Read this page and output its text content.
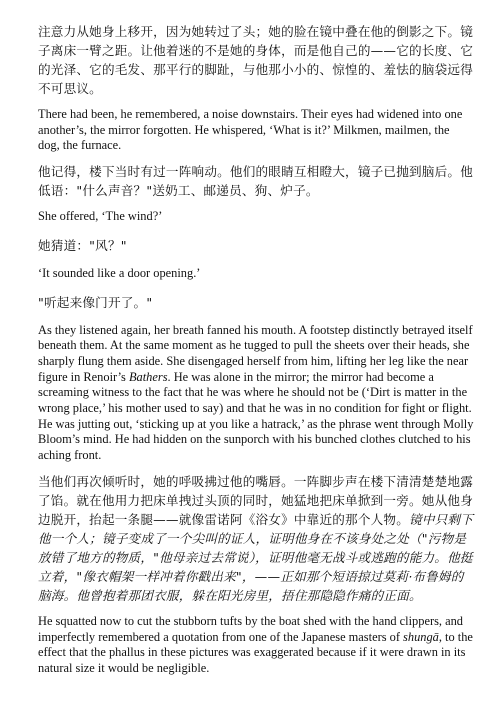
注意力从她身上移开，因为她转过了头；她的脸在镜中叠在他的倒影之下。镜子离床一臂之距。让他着迷的不是她的身体，而是他自己的——它的长度、它的光泽、它的毛发、那平行的脚趾，与他那小小的、惊惶的、羞怯的脑袋远得不可思议。

There had been, he remembered, a noise downstairs. Their eyes had widened into one another’s, the mirror forgotten. He whispered, ‘What is it?’ Milkmen, mailmen, the dog, the furnace.

他记得，楼下当时有过一阵响动。他们的眼睛互相瞪大，镜子已抛到脑后。他低语："什么声音？"送奶工、邮递员、狗、炉子。

She offered, ‘The wind?’

她猜道："风？"

‘It sounded like a door opening.’

"听起来像门开了。"

As they listened again, her breath fanned his mouth. A footstep distinctly betrayed itself beneath them. At the same moment as he tugged to pull the sheets over their heads, she sharply flung them aside. She disengaged herself from him, lifting her leg like the near figure in Renoir’s Bathers. He was alone in the mirror; the mirror had become a screaming witness to the fact that he was where he should not be (‘Dirt is matter in the wrong place,’ his mother used to say) and that he was in no condition for fight or flight. He was jutting out, ‘sticking up at you like a hatrack,’ as the phrase went through Molly Bloom’s mind. He had hidden on the sunporch with his bunched clothes clutched to his aching front.

当他们再次倾听时，她的呼吸拂过他的嘴唇。一阵脚步声在楼下清清楚楚地露了馅。就在他用力把床单拽过头顶的同时，她猛地把床单掀到一旁。她从他身边脱开，抬起一条腿——就像雷诺阿《浴女》中靠近的那个人物。镜中只剩下他一个人；镜子变成了一个尖叫的证人，证明他身在不该身处之处（"污物是放错了地方的物质，"他母亲过去常说），证明他毫无战斗或逃跑的能力。他挺立着，"像衣帽架一样冲着你戳出来"，——正如那个短语掠过莫莉·布鲁姆的脑海。他曾抱着那团衣服，躲在阳光房里，捂住那隐隐作痛的正面。

He squatted now to cut the stubborn tufts by the boat shed with the hand clippers, and imperfectly remembered a quotation from one of the Japanese masters of shungā, to the effect that the phallus in these pictures was exaggerated because if it were drawn in its natural size it would be negligible.
